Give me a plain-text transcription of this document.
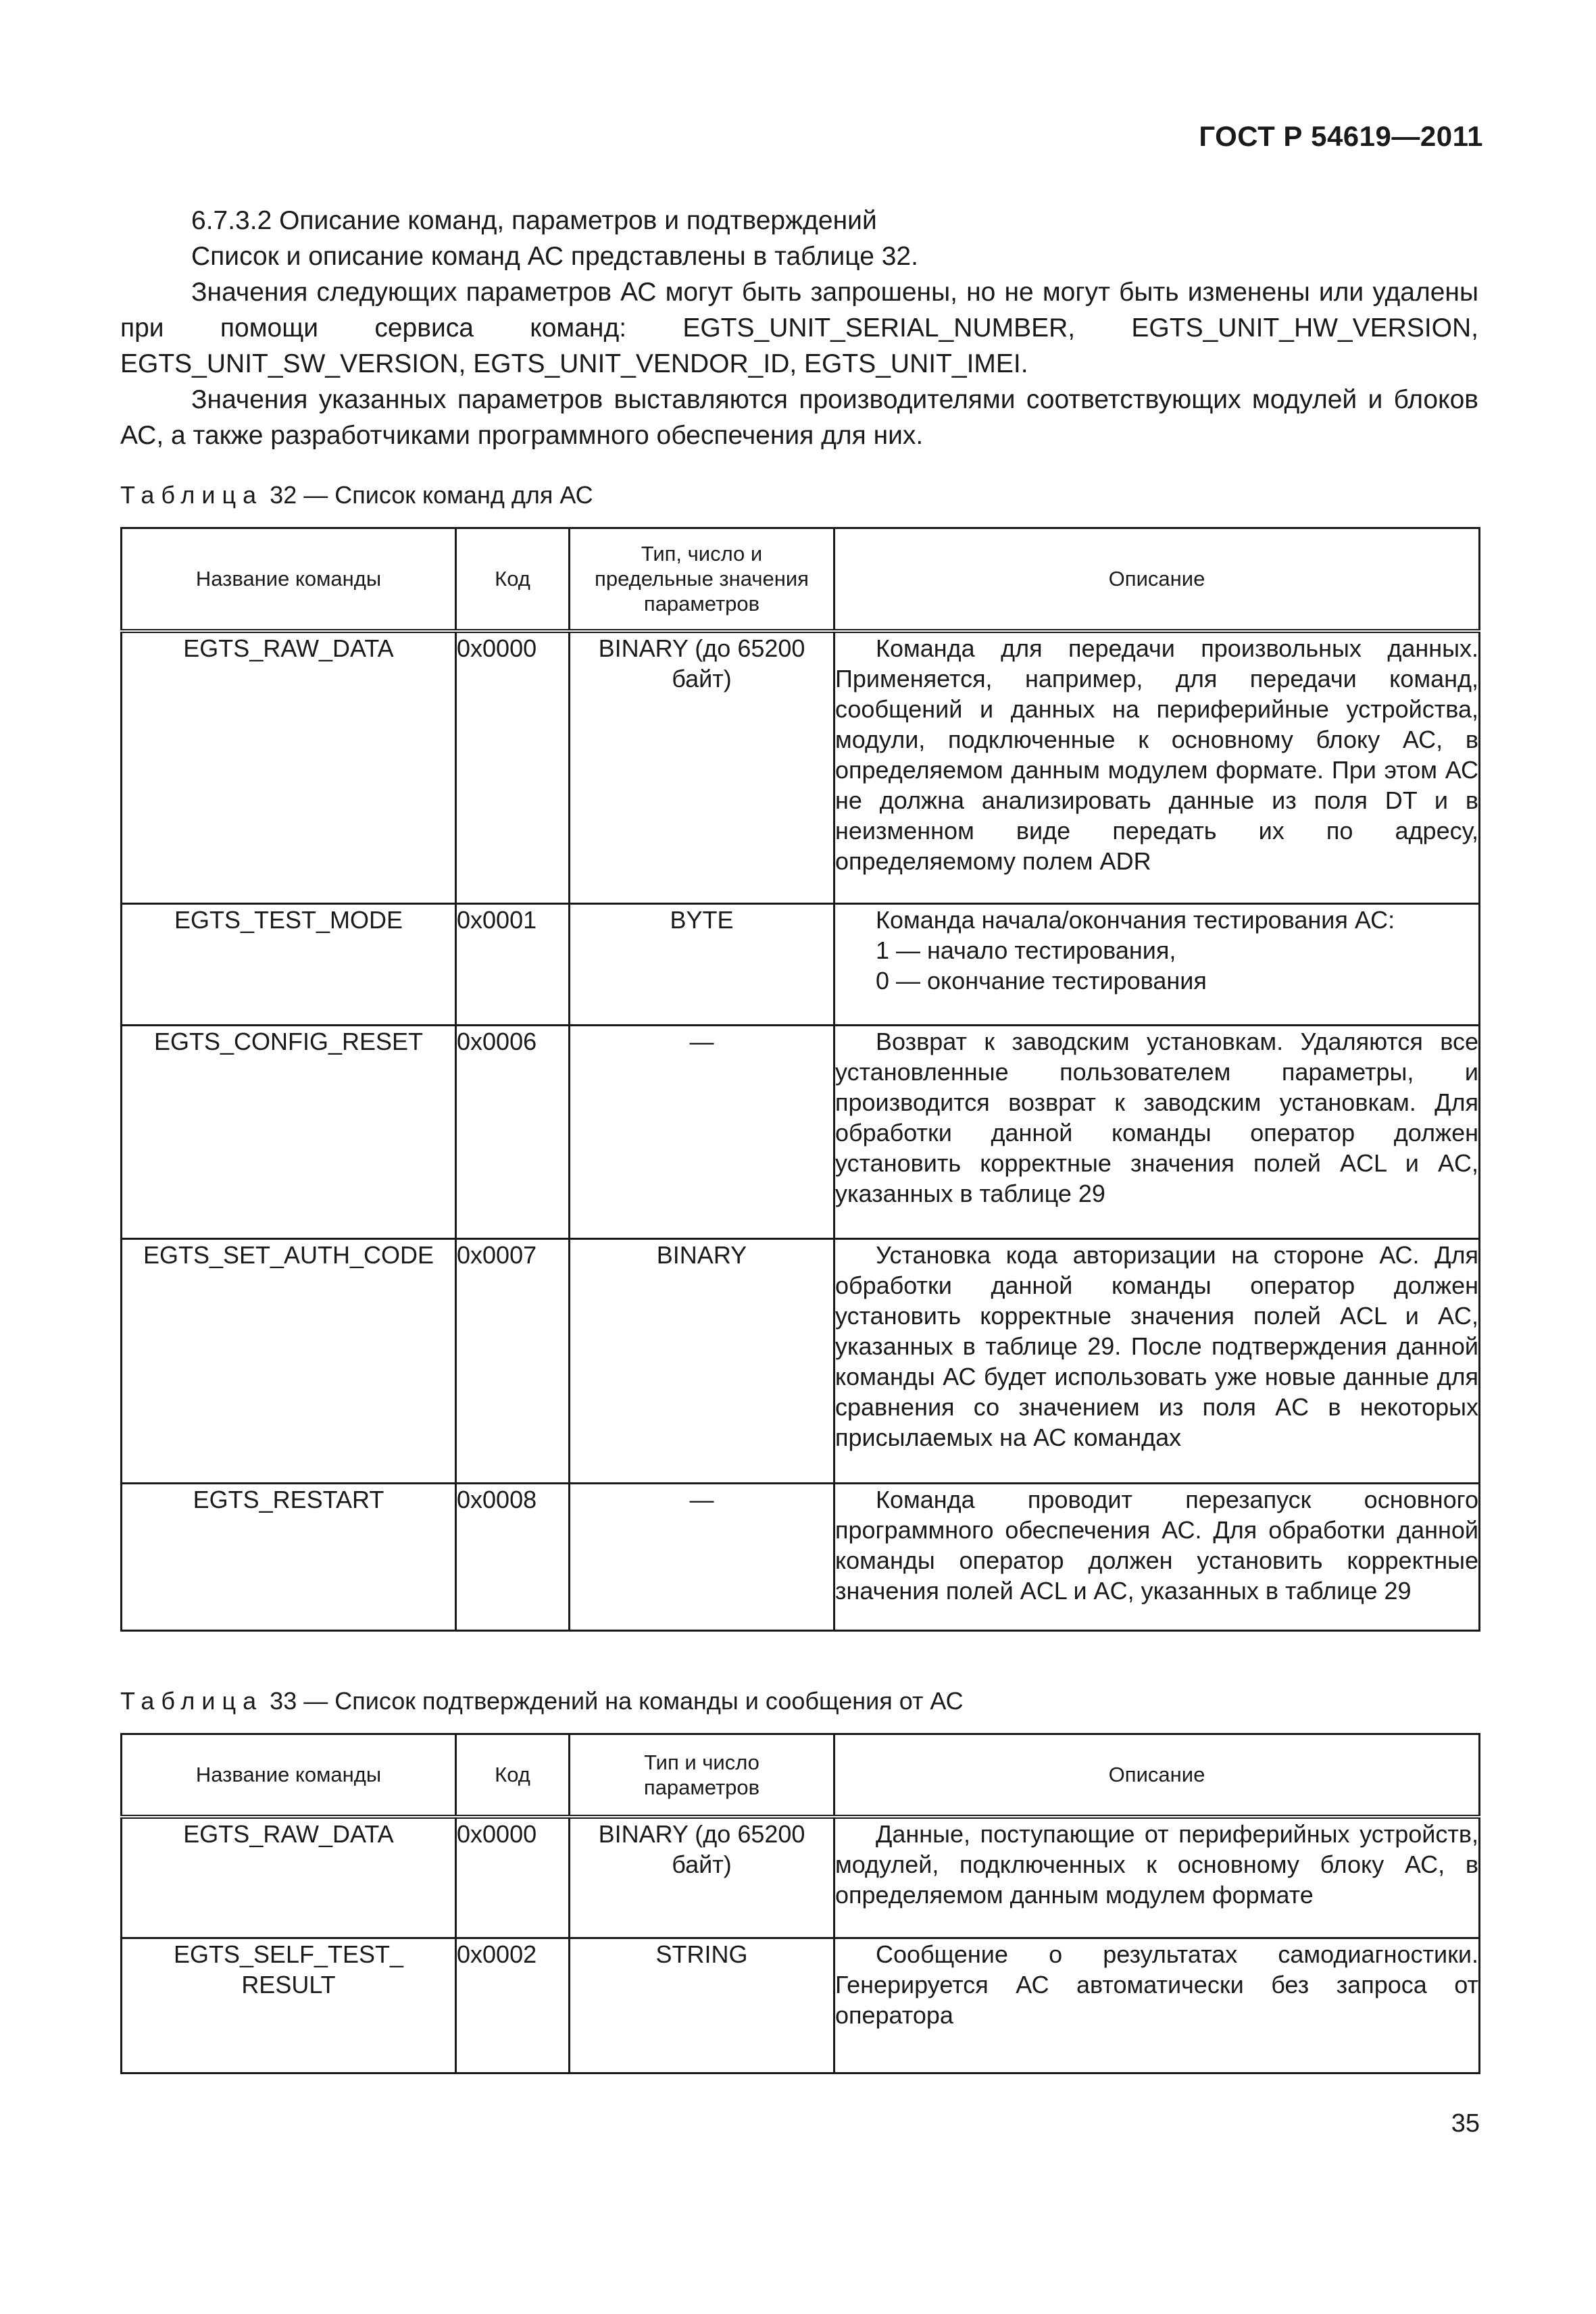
ГОСТ Р 54619—2011

6.7.3.2 Описание команд, параметров и подтверждений

Список и описание команд АС представлены в таблице 32.

Значения следующих параметров АС могут быть запрошены, но не могут быть изменены или удалены при помощи сервиса команд: EGTS_UNIT_SERIAL_NUMBER, EGTS_UNIT_HW_VERSION, EGTS_UNIT_SW_VERSION, EGTS_UNIT_VENDOR_ID, EGTS_UNIT_IMEI.

Значения указанных параметров выставляются производителями соответствующих модулей и блоков АС, а также разработчиками программного обеспечения для них.

Таблица 32 — Список команд для АС
Название команды	Код	Тип, число и предельные значения параметров	Описание
EGTS_RAW_DATA	0x0000	BINARY (до 65200 байт)	Команда для передачи произвольных данных. Применяется, например, для передачи команд, сообщений и данных на периферийные устройства, модули, подключенные к основному блоку АС, в определяемом данным модулем формате. При этом АС не должна анализировать данные из поля DT и в неизменном виде передать их по адресу, определяемому полем ADR

EGTS_TEST_MODE	0x0001	BYTE	Команда начала/окончания тестирования АС:
1 — начало тестирования,
0 — окончание тестирования

EGTS_CONFIG_RESET	0x0006	—	Возврат к заводским установкам. Удаляются все установленные пользователем параметры, и производится возврат к заводским установкам. Для обработки данной команды оператор должен установить корректные значения полей ACL и AC, указанных в таблице 29

EGTS_SET_AUTH_CODE	0x0007	BINARY	Установка кода авторизации на стороне АС. Для обработки данной команды оператор должен установить корректные значения полей ACL и AC, указанных в таблице 29. После подтверждения данной команды АС будет использовать уже новые данные для сравнения со значением из поля AC в некоторых присылаемых на АС командах

EGTS_RESTART	0x0008	—	Команда проводит перезапуск основного программного обеспечения АС. Для обработки данной команды оператор должен установить корректные значения полей ACL и AC, указанных в таблице 29
Таблица 33 — Список подтверждений на команды и сообщения от АС
Название команды	Код	Тип и число параметров	Описание
EGTS_RAW_DATA	0x0000	BINARY (до 65200 байт)	Данные, поступающие от периферийных устройств, модулей, подключенных к основному блоку АС, в определяемом данным модулем формате

EGTS_SELF_TEST_ RESULT	0x0002	STRING	Сообщение о результатах самодиагностики. Генерируется АС автоматически без запроса от оператора
35
